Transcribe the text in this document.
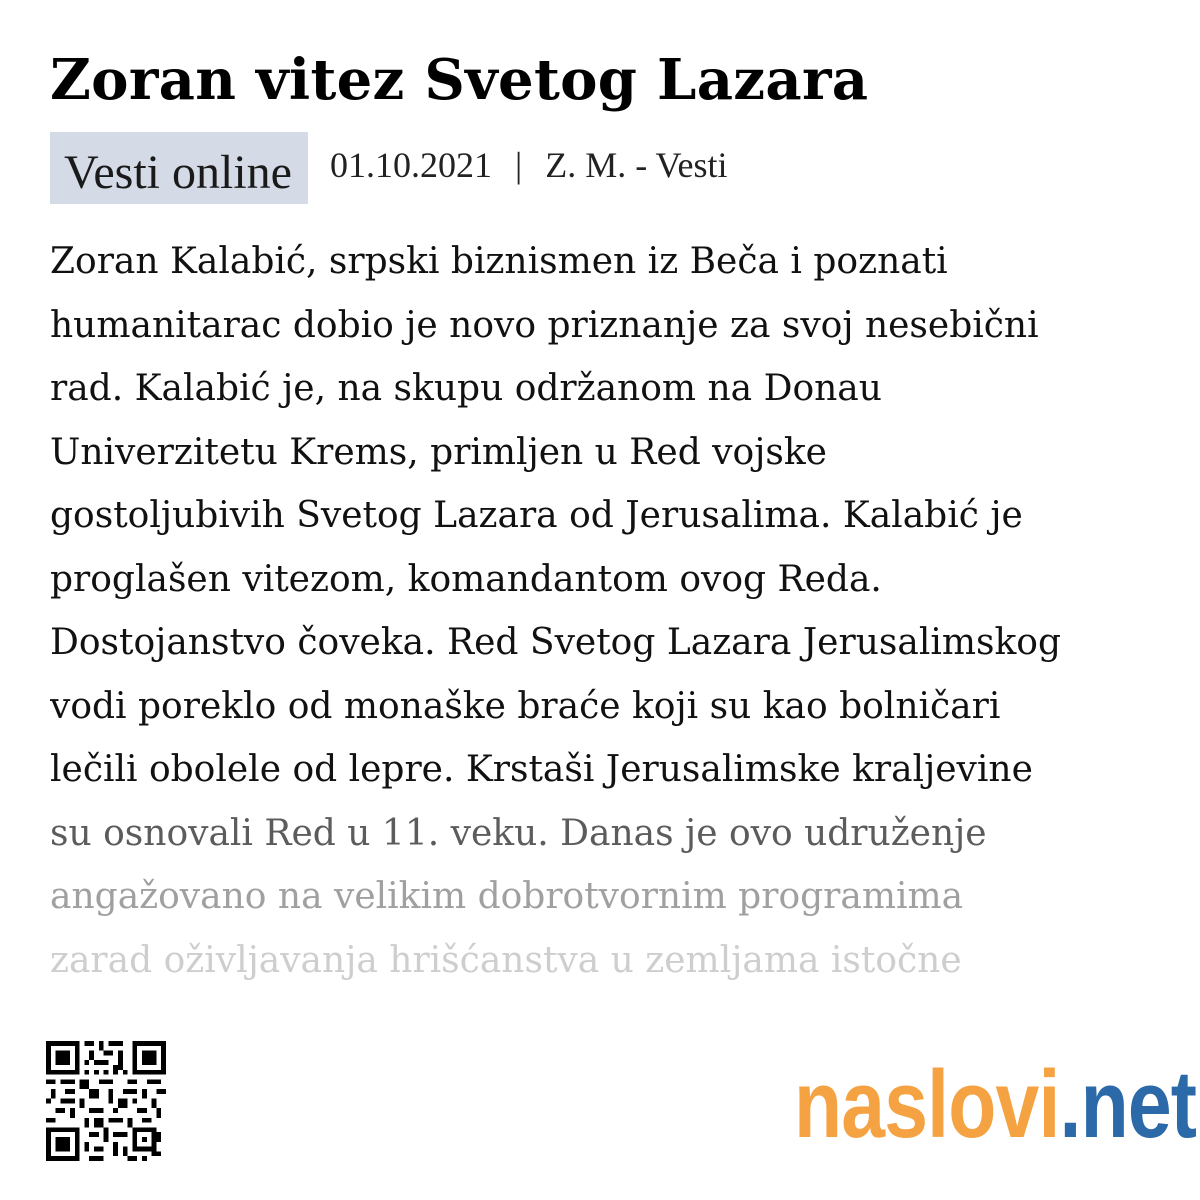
Zoran vitez Svetog Lazara
Vesti online	01.10.2021 | Z. M. - Vesti
Zoran Kalabić, srpski biznismen iz Beča i poznati
humanitarac dobio je novo priznanje za svoj nesebični
rad. Kalabić je, na skupu održanom na Donau
Univerzitetu Krems, primljen u Red vojske
gostoljubivih Svetog Lazara od Jerusalima. Kalabić je
proglašen vitezom, komandantom ovog Reda.
Dostojanstvo čoveka. Red Svetog Lazara Jerusalimskog
vodi poreklo od monaške braće koji su kao bolničari
lečili obolele od lepre. Krstaši Jerusalimske kraljevine
su osnovali Red u 11. veku. Danas je ovo udruženje
angažovano na velikim dobrotvornim programima
zarad oživljavanja hrišćanstva u zemljama istočne
naslovi.net
